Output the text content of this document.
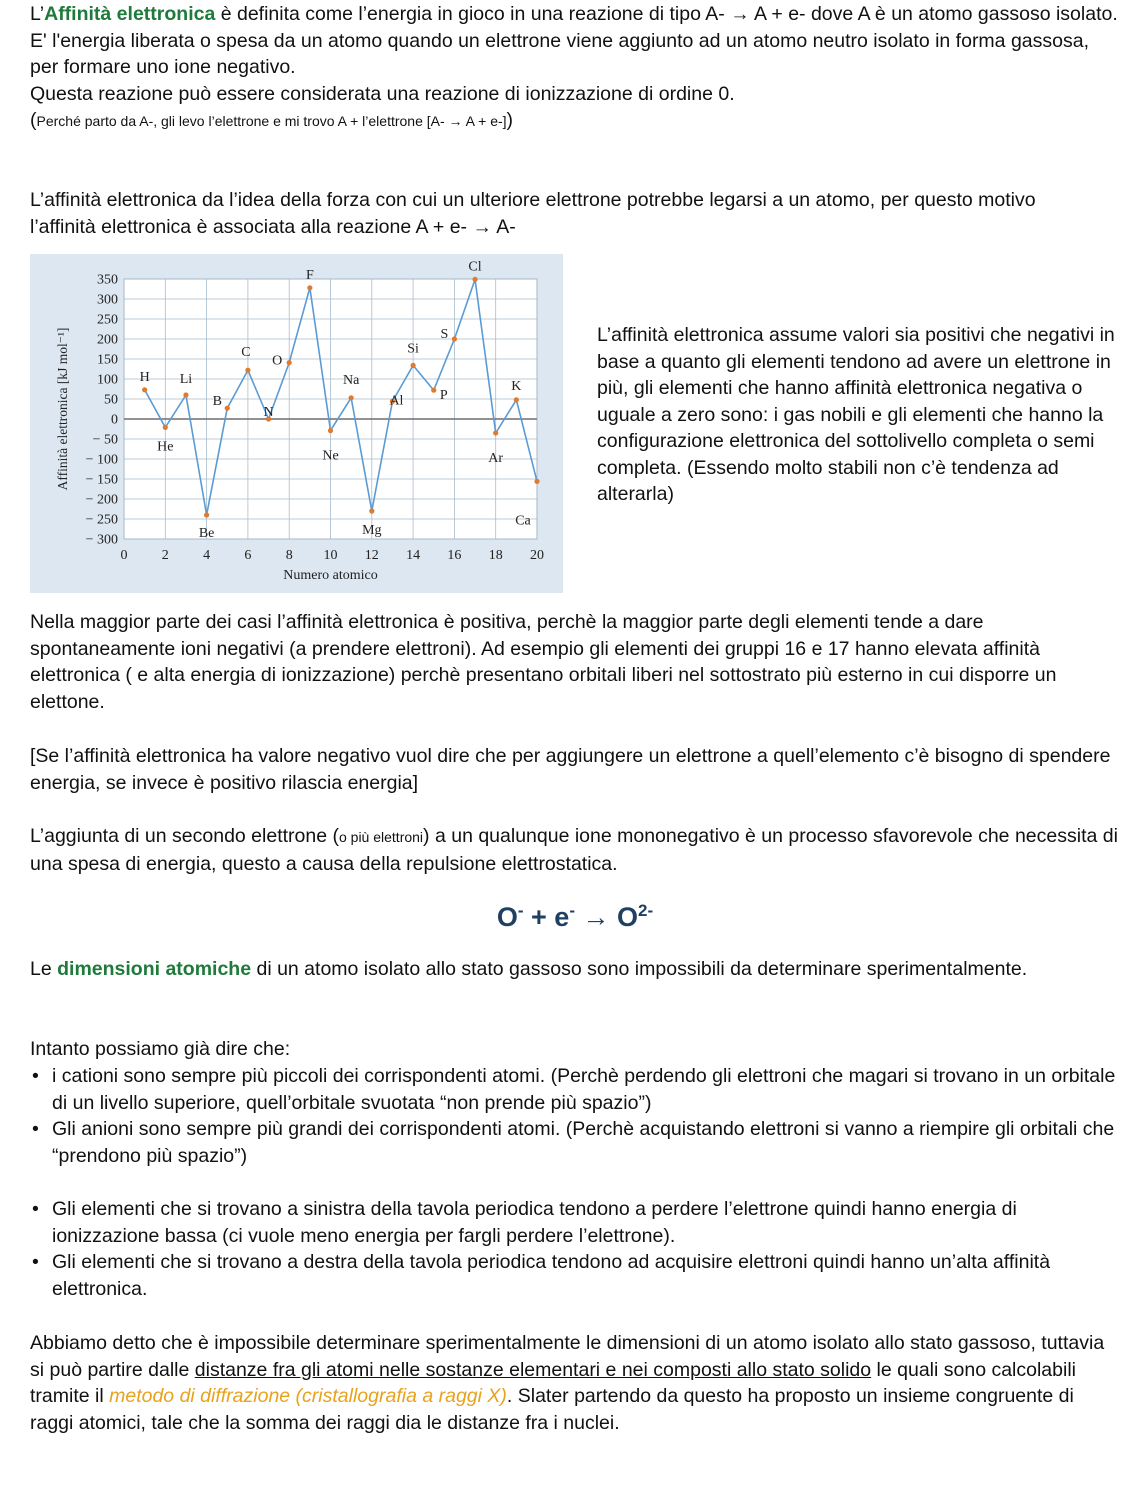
L’Affinità elettronica è definita come l’energia in gioco in una reazione di tipo A- → A + e- dove A è un atomo gassoso isolato.

E' l'energia liberata o spesa da un atomo quando un elettrone viene aggiunto ad un atomo neutro isolato in forma gassosa, per formare uno ione negativo.

Questa reazione può essere considerata una reazione di ionizzazione di ordine 0.

(Perché parto da A-, gli levo l’elettrone e mi trovo A + l’elettrone [A- → A + e-])

L’affinità elettronica da l’idea della forza con cui un ulteriore elettrone potrebbe legarsi a un atomo, per questo motivo l’affinità elettronica è associata alla reazione A + e- → A-

350
300
250
200
150
100
50
0
− 50
− 100
− 150
− 200
− 250
− 300
0 2 4 6 8 10 12 14 16 18 20
Numero atomico
Affinità elettronica [kJ mol⁻¹]	H
He
Li
Be
B
C
N
O
F
Ne
Na
Mg
Al
Si
P
S
Cl
Ar
K
Ca

L’affinità elettronica assume valori sia positivi che negativi in base a quanto gli elementi tendono ad avere un elettrone in più, gli elementi che hanno affinità elettronica negativa o uguale a zero sono: i gas nobili e gli elementi che hanno la configurazione elettronica del sottolivello completa o semi completa. (Essendo molto stabili non c’è tendenza ad alterarla)

Nella maggior parte dei casi l’affinità elettronica è positiva, perchè la maggior parte degli elementi tende a dare spontaneamente ioni negativi (a prendere elettroni). Ad esempio gli elementi dei gruppi 16 e 17 hanno elevata affinità elettronica ( e alta energia di ionizzazione) perchè presentano orbitali liberi nel sottostrato più esterno in cui disporre un elettone.

[Se l’affinità elettronica ha valore negativo vuol dire che per aggiungere un elettrone a quell’elemento c’è bisogno di spendere energia, se invece è positivo rilascia energia]

L’aggiunta di un secondo elettrone (o più elettroni) a un qualunque ione mononegativo è un processo sfavorevole che necessita di una spesa di energia, questo a causa della repulsione elettrostatica.

$O^- + e^- \to O^{2-}$

Le dimensioni atomiche di un atomo isolato allo stato gassoso sono impossibili da determinare sperimentalmente.

Intanto possiamo già dire che:

• i cationi sono sempre più piccoli dei corrispondenti atomi. (Perchè perdendo gli elettroni che magari si trovano in un orbitale di un livello superiore, quell’orbitale svuotata “non prende più spazio”)
• Gli anioni sono sempre più grandi dei corrispondenti atomi. (Perchè acquistando elettroni si vanno a riempire gli orbitali che “prendono più spazio”)
• Gli elementi che si trovano a sinistra della tavola periodica tendono a perdere l’elettrone quindi hanno energia di ionizzazione bassa (ci vuole meno energia per fargli perdere l’elettrone).
• Gli elementi che si trovano a destra della tavola periodica tendono ad acquisire elettroni quindi hanno un’alta affinità elettronica.

Abbiamo detto che è impossibile determinare sperimentalmente le dimensioni di un atomo isolato allo stato gassoso, tuttavia si può partire dalle distanze fra gli atomi nelle sostanze elementari e nei composti allo stato solido le quali sono calcolabili tramite il metodo di diffrazione (cristallografia a raggi X). Slater partendo da questo ha proposto un insieme congruente di raggi atomici, tale che la somma dei raggi dia le distanze fra i nuclei.
